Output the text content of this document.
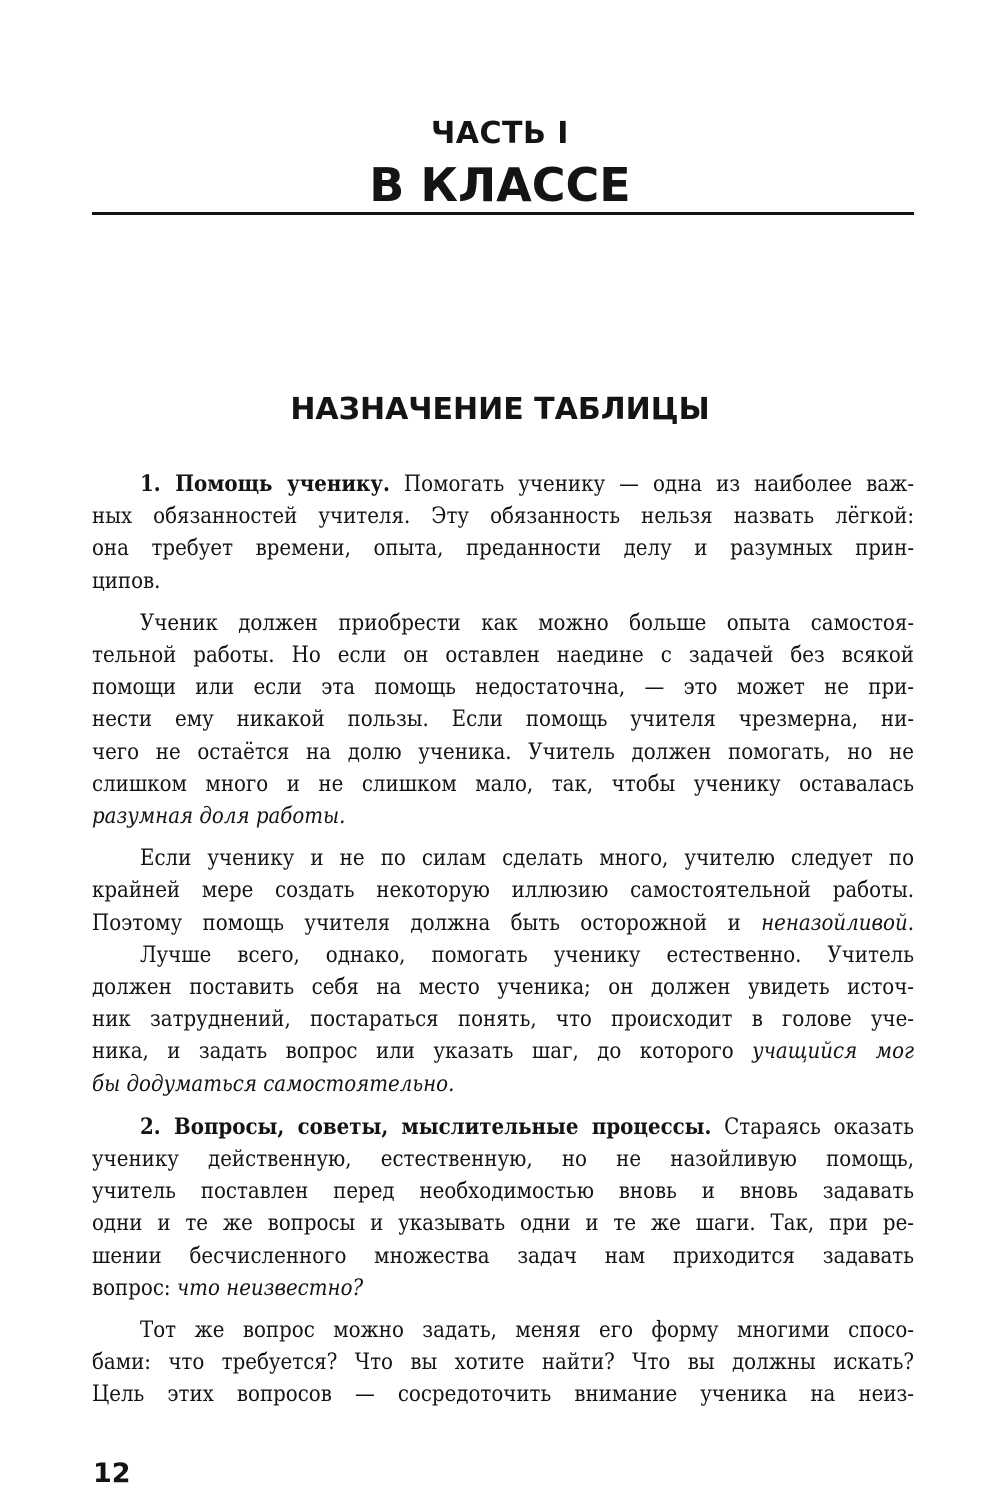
ЧАСТЬ I
В КЛАССЕ
НАЗНАЧЕНИЕ ТАБЛИЦЫ
1. Помощь ученику. Помогать ученику — одна из наиболее важ-
ных обязанностей учителя. Эту обязанность нельзя назвать лёгкой:
она требует времени, опыта, преданности делу и разумных прин-
ципов.
Ученик должен приобрести как можно больше опыта самостоя-
тельной работы. Но если он оставлен наедине с задачей без всякой
помощи или если эта помощь недостаточна, — это может не при-
нести ему никакой пользы. Если помощь учителя чрезмерна, ни-
чего не остаётся на долю ученика. Учитель должен помогать, но не
слишком много и не слишком мало, так, чтобы ученику оставалась
разумная доля работы.
Если ученику и не по силам сделать много, учителю следует по
крайней мере создать некоторую иллюзию самостоятельной работы.
Поэтому помощь учителя должна быть осторожной и неназойливой.
Лучше всего, однако, помогать ученику естественно. Учитель
должен поставить себя на место ученика; он должен увидеть источ-
ник затруднений, постараться понять, что происходит в голове уче-
ника, и задать вопрос или указать шаг, до которого учащийся мог
бы додуматься самостоятельно.
2. Вопросы, советы, мыслительные процессы. Стараясь оказать
ученику действенную, естественную, но не назойливую помощь,
учитель поставлен перед необходимостью вновь и вновь задавать
одни и те же вопросы и указывать одни и те же шаги. Так, при ре-
шении бесчисленного множества задач нам приходится задавать
вопрос: что неизвестно?
Тот же вопрос можно задать, меняя его форму многими спосо-
бами: что требуется? Что вы хотите найти? Что вы должны искать?
Цель этих вопросов — сосредоточить внимание ученика на неиз-
12
